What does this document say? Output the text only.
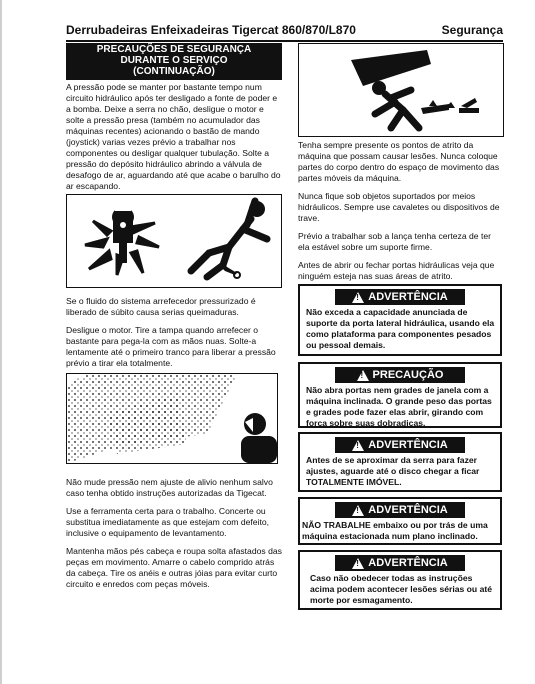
Derrubadeiras Enfeixadeiras Tigercat 860/870/L870	Segurança
PRECAUÇÕES DE SEGURANÇA
DURANTE O SERVIÇO
(CONTINUAÇÃO)

A pressão pode se manter por bastante tempo num circuito hidráulico após ter desligado a fonte de poder e a bomba. Deixe a serra no chão, desligue o motor e solte a pressão presa (também no acumulador das máquinas recentes) acionando o bastão de mando (joystick) varias vezes prévio a trabalhar nos componentes ou desligar qualquer tubulação. Solte a pressão do depósito hidráulico abrindo a válvula de desafogo de ar, aguardando até que acabe o barulho do ar escapando.

Se o fluido do sistema arrefecedor pressurizado é liberado de súbito causa serias queimaduras.

Desligue o motor. Tire a tampa quando arrefecer o bastante para pega-la com as mãos nuas. Solte-a lentamente até o primeiro tranco para liberar a pressão prévio a tirar ela totalmente.

Não mude pressão nem ajuste de alivio nenhum salvo caso tenha obtido instruções autorizadas da Tigecat.

Use a ferramenta certa para o trabalho. Concerte ou substitua imediatamente as que estejam com defeito, inclusive o equipamento de levantamento.

Mantenha mãos pés cabeça e roupa solta afastados das peças em movimento. Amarre o cabelo comprido atrás da cabeça. Tire os anéis e outras jóias para evitar curto circuito e enredos com peças móveis.

Tenha sempre presente os pontos de atrito da máquina que possam causar lesões. Nunca coloque partes do corpo dentro do espaço de movimento das partes móveis da máquina.

Nunca fique sob objetos suportados por meios hidráulicos. Sempre use cavaletes ou dispositivos de trave.

Prévio a trabalhar sob a lança tenha certeza de ter ela estável sobre um suporte firme.

Antes de abrir ou fechar portas hidráulicas veja que ninguém esteja nas suas áreas de atrito.

!
ADVERTÊNCIA
Não exceda a capacidade anunciada de suporte da porta lateral hidráulica, usando ela como plataforma para componentes pesados ou pessoal demais.
!
PRECAUÇÃO
Não abra portas nem grades de janela com a máquina inclinada. O grande peso das portas e grades pode fazer elas abrir, girando com força sobre suas dobradiças.
!
ADVERTÊNCIA
Antes de se aproximar da serra para fazer ajustes, aguarde até o disco chegar a ficar TOTALMENTE IMÓVEL.
!
ADVERTÊNCIA
NÃO TRABALHE embaixo ou por trás de uma máquina estacionada num plano inclinado.
!
ADVERTÊNCIA
Caso não obedecer todas as instruções acima podem acontecer lesões sérias ou até morte por esmagamento.
